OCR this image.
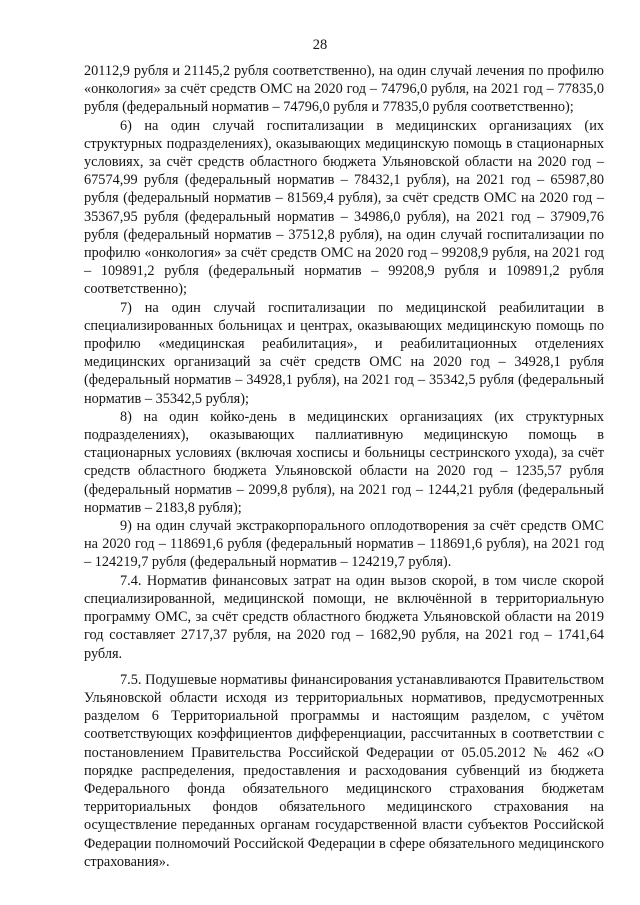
28

20112,9 рубля и 21145,2 рубля соответственно), на один случай лечения по профилю «онкология» за счёт средств ОМС на 2020 год – 74796,0 рубля, на 2021 год – 77835,0 рубля (федеральный норматив – 74796,0 рубля и 77835,0 рубля соответственно);

6) на один случай госпитализации в медицинских организациях (их структурных подразделениях), оказывающих медицинскую помощь в стационарных условиях, за счёт средств областного бюджета Ульяновской области на 2020 год – 67574,99 рубля (федеральный норматив – 78432,1 рубля), на 2021 год – 65987,80 рубля (федеральный норматив – 81569,4 рубля), за счёт средств ОМС на 2020 год – 35367,95 рубля (федеральный норматив – 34986,0 рубля), на 2021 год – 37909,76 рубля (федеральный норматив – 37512,8 рубля), на один случай госпитализации по профилю «онкология» за счёт средств ОМС на 2020 год – 99208,9 рубля, на 2021 год – 109891,2 рубля (федеральный норматив – 99208,9 рубля и 109891,2 рубля соответственно);

7) на один случай госпитализации по медицинской реабилитации в специализированных больницах и центрах, оказывающих медицинскую помощь по профилю «медицинская реабилитация», и реабилитационных отделениях медицинских организаций за счёт средств ОМС на 2020 год – 34928,1 рубля (федеральный норматив – 34928,1 рубля), на 2021 год – 35342,5 рубля (федеральный норматив – 35342,5 рубля);

8) на один койко-день в медицинских организациях (их структурных подразделениях), оказывающих паллиативную медицинскую помощь в стационарных условиях (включая хосписы и больницы сестринского ухода), за счёт средств областного бюджета Ульяновской области на 2020 год – 1235,57 рубля (федеральный норматив – 2099,8 рубля), на 2021 год – 1244,21 рубля (федеральный норматив – 2183,8 рубля);

9) на один случай экстракорпорального оплодотворения за счёт средств ОМС на 2020 год – 118691,6 рубля (федеральный норматив – 118691,6 рубля), на 2021 год – 124219,7 рубля (федеральный норматив – 124219,7 рубля).

7.4. Норматив финансовых затрат на один вызов скорой, в том числе скорой специализированной, медицинской помощи, не включённой в территориальную программу ОМС, за счёт средств областного бюджета Ульяновской области на 2019 год составляет 2717,37 рубля, на 2020 год – 1682,90 рубля, на 2021 год – 1741,64 рубля.

7.5. Подушевые нормативы финансирования устанавливаются Правительством Ульяновской области исходя из территориальных нормативов, предусмотренных разделом 6 Территориальной программы и настоящим разделом, с учётом соответствующих коэффициентов дифференциации, рассчитанных в соответствии с постановлением Правительства Российской Федерации от 05.05.2012 № 462 «О порядке распределения, предоставления и расходования субвенций из бюджета Федерального фонда обязательного медицинского страхования бюджетам территориальных фондов обязательного медицинского страхования на осуществление переданных органам государственной власти субъектов Российской Федерации полномочий Российской Федерации в сфере обязательного медицинского страхования».
